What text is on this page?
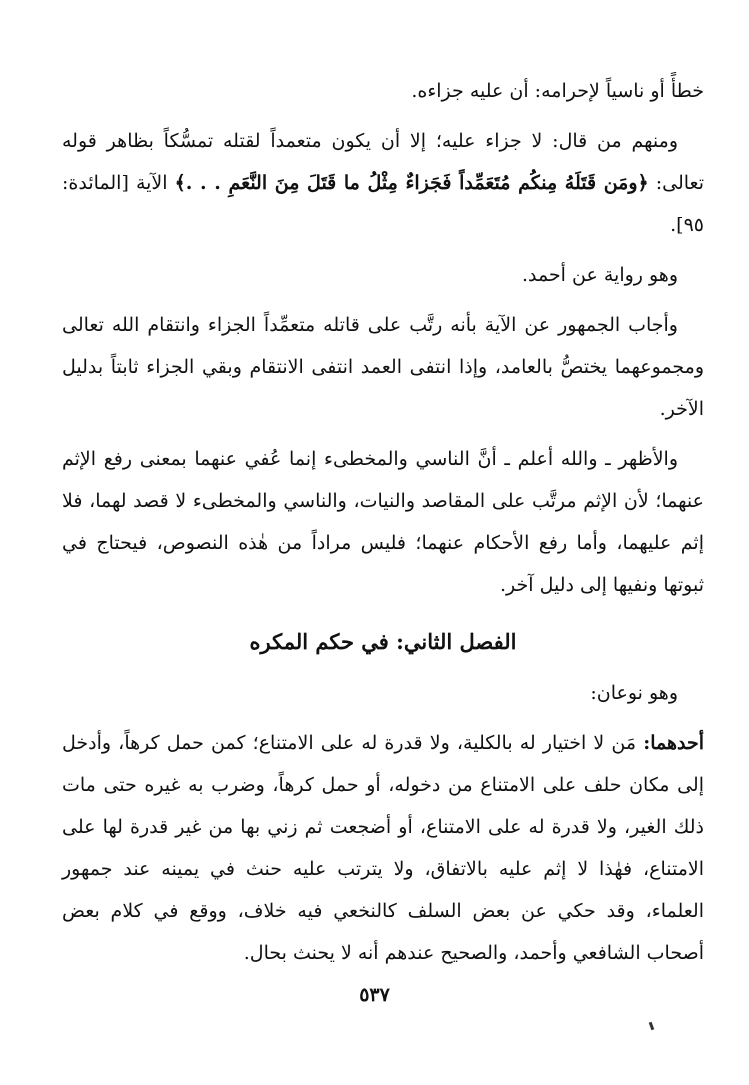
خطأً أو ناسياً لإحرامه: أن عليه جزاءه.

ومنهم من قال: لا جزاء عليه؛ إلا أن يكون متعمداً لقتله تمسُّكاً بظاهر قوله تعالى: ﴿ومَن قَتَلَهُ مِنكُم مُتَعَمِّداً فَجَزاءٌ مِثْلُ ما قَتَلَ مِنَ النَّعَمِ . . .﴾ الآية [المائدة: ٩٥].

وهو رواية عن أحمد.

وأجاب الجمهور عن الآية بأنه رتَّب على قاتله متعمِّداً الجزاء وانتقام الله تعالى ومجموعهما يختصُّ بالعامد، وإذا انتفى العمد انتفى الانتقام وبقي الجزاء ثابتاً بدليل الآخر.

والأظهر ـ والله أعلم ـ أنَّ الناسي والمخطىء إنما عُفي عنهما بمعنى رفع الإثم عنهما؛ لأن الإثم مرتَّب على المقاصد والنيات، والناسي والمخطىء لا قصد لهما، فلا إثم عليهما، وأما رفع الأحكام عنهما؛ فليس مراداً من هٰذه النصوص، فيحتاج في ثبوتها ونفيها إلى دليل آخر.

الفصل الثاني: في حكم المكره

وهو نوعان:

أحدهما: مَن لا اختيار له بالكلية، ولا قدرة له على الامتناع؛ كمن حمل كرهاً، وأدخل إلى مكان حلف على الامتناع من دخوله، أو حمل كرهاً، وضرب به غيره حتى مات ذلك الغير، ولا قدرة له على الامتناع، أو أضجعت ثم زني بها من غير قدرة لها على الامتناع، فهٰذا لا إثم عليه بالاتفاق، ولا يترتب عليه حنث في يمينه عند جمهور العلماء، وقد حكي عن بعض السلف كالنخعي فيه خلاف، ووقع في كلام بعض أصحاب الشافعي وأحمد، والصحيح عندهم أنه لا يحنث بحال.

٥٣٧
